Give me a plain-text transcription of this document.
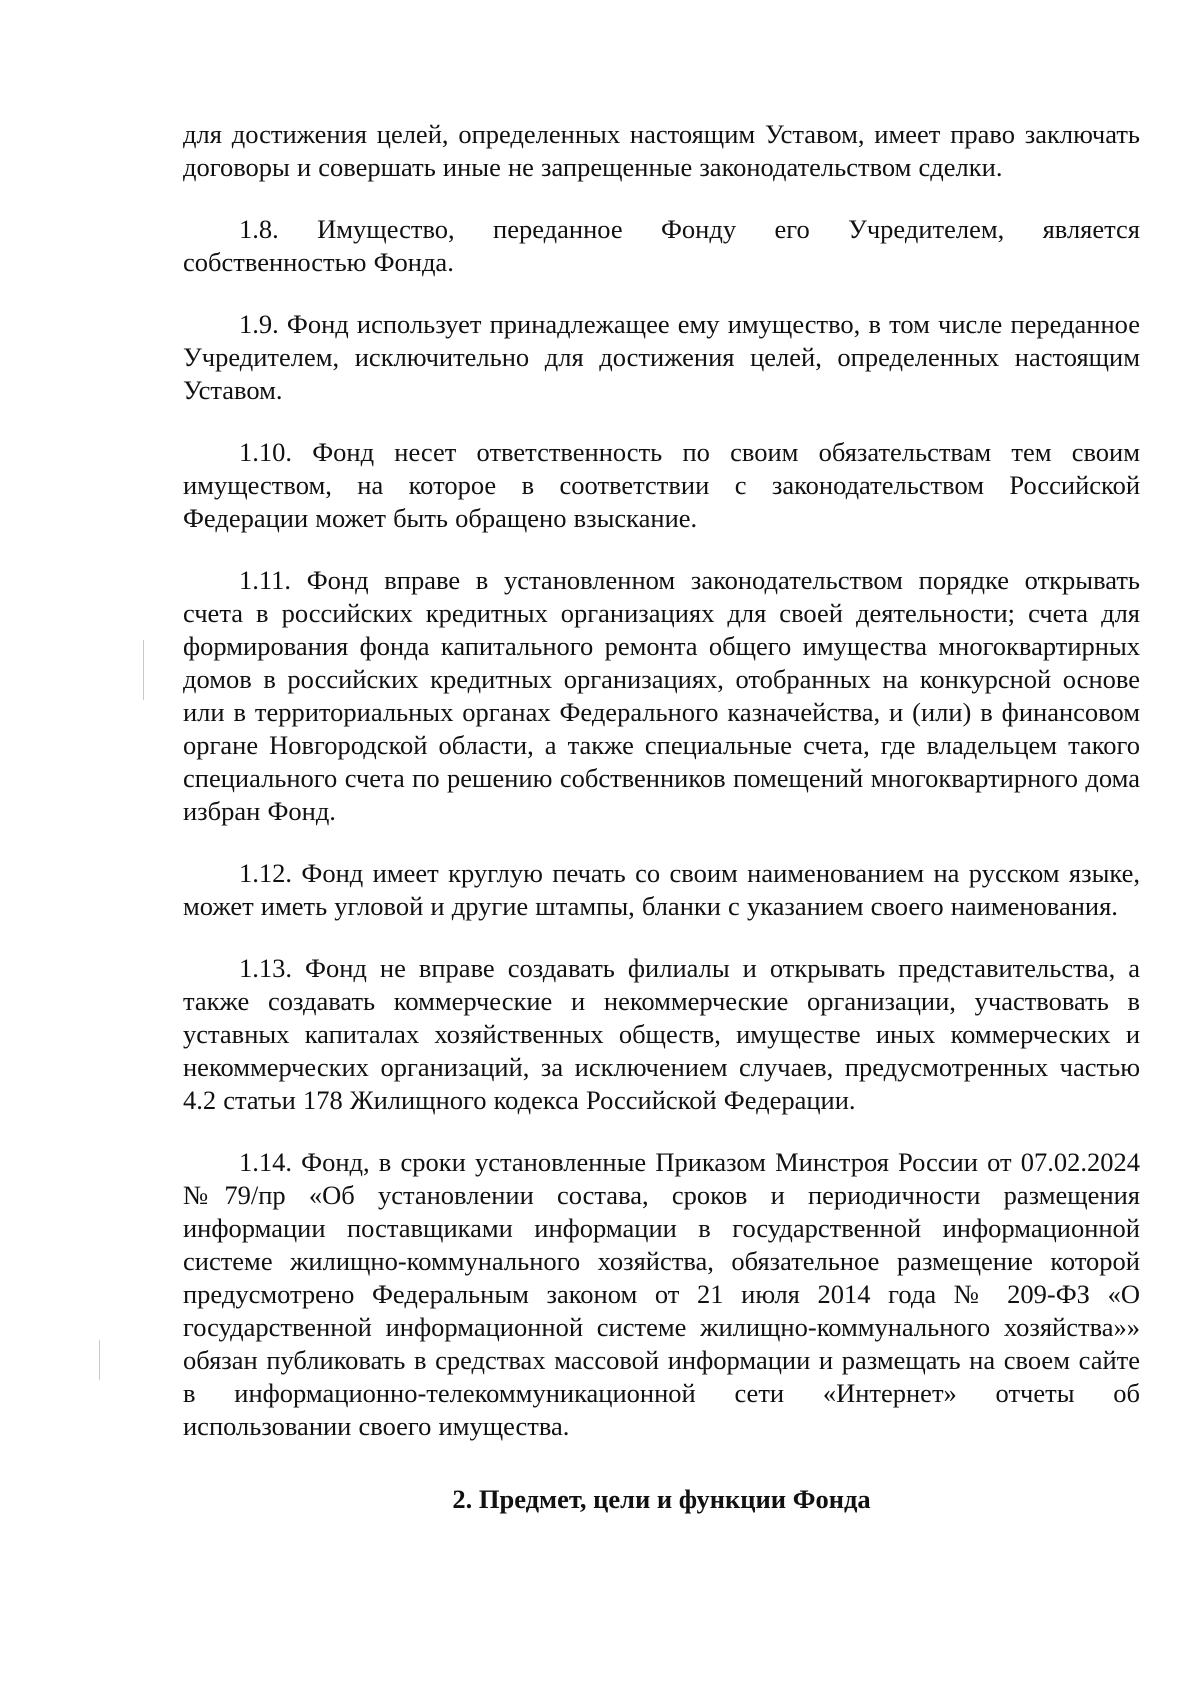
для достижения целей, определенных настоящим Уставом, имеет право заключать договоры и совершать иные не запрещенные законодательством сделки.

1.8. Имущество, переданное Фонду его Учредителем, является собственностью Фонда.

1.9. Фонд использует принадлежащее ему имущество, в том числе переданное Учредителем, исключительно для достижения целей, определенных настоящим Уставом.

1.10. Фонд несет ответственность по своим обязательствам тем своим имуществом, на которое в соответствии с законодательством Российской Федерации может быть обращено взыскание.

1.11. Фонд вправе в установленном законодательством порядке открывать счета в российских кредитных организациях для своей деятельности; счета для формирования фонда капитального ремонта общего имущества многоквартирных домов в российских кредитных организациях, отобранных на конкурсной основе или в территориальных органах Федерального казначейства, и (или) в финансовом органе Новгородской области, а также специальные счета, где владельцем такого специального счета по решению собственников помещений многоквартирного дома избран Фонд.

1.12. Фонд имеет круглую печать со своим наименованием на русском языке, может иметь угловой и другие штампы, бланки с указанием своего наименования.

1.13. Фонд не вправе создавать филиалы и открывать представительства, а также создавать коммерческие и некоммерческие организации, участвовать в уставных капиталах хозяйственных обществ, имуществе иных коммерческих и некоммерческих организаций, за исключением случаев, предусмотренных частью 4.2 статьи 178 Жилищного кодекса Российской Федерации.

1.14. Фонд, в сроки установленные Приказом Минстроя России от 07.02.2024 №79/пр «Об установлении состава, сроков и периодичности размещения информации поставщиками информации в государственной информационной системе жилищно-коммунального хозяйства, обязательное размещение которой предусмотрено Федеральным законом от 21 июля 2014 года № 209-ФЗ «О государственной информационной системе жилищно-коммунального хозяйства»» обязан публиковать в средствах массовой информации и размещать на своем сайте в информационно-телекоммуникационной сети «Интернет» отчеты об использовании своего имущества.

2. Предмет, цели и функции Фонда
